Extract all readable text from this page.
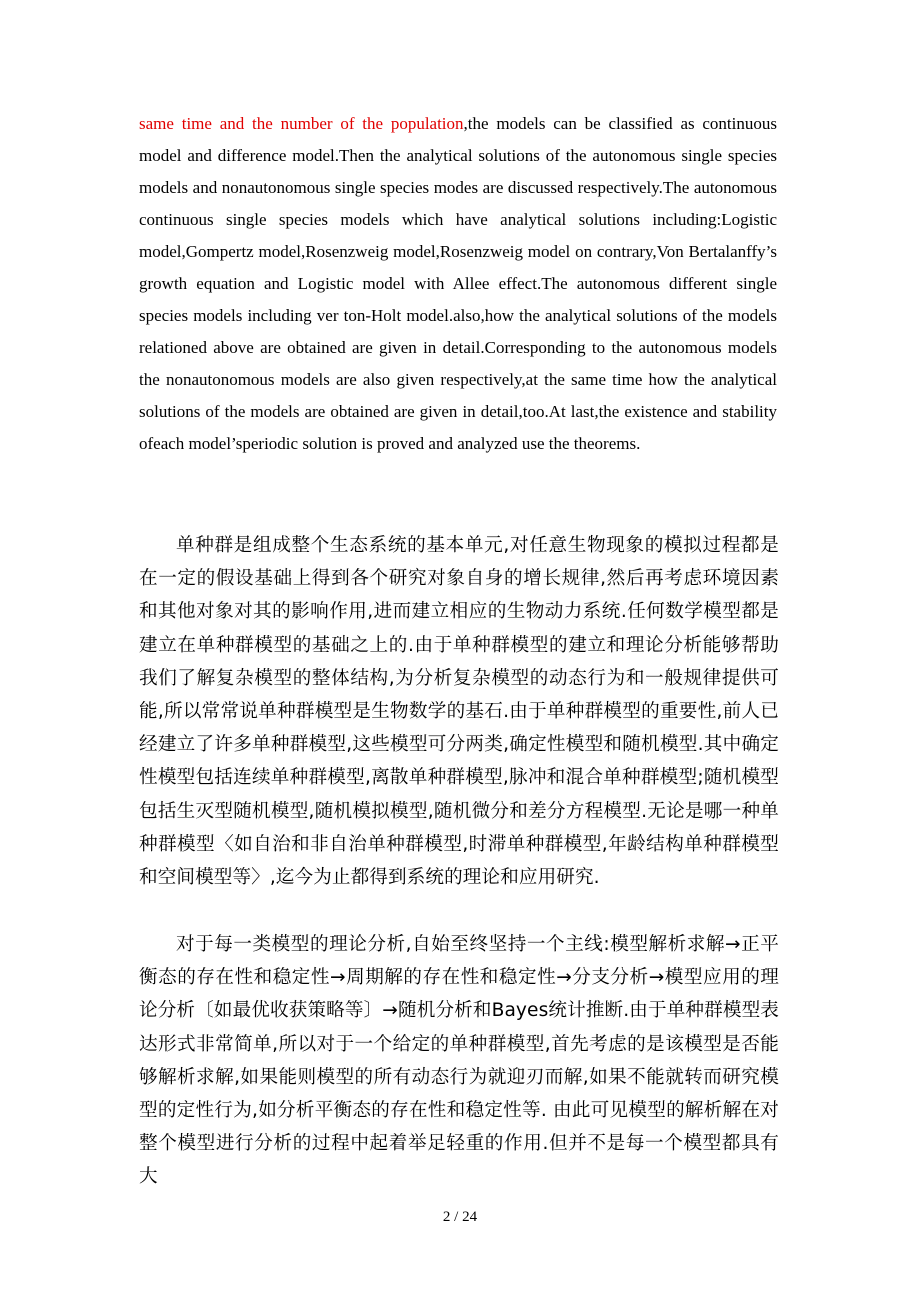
same time and the number of the population,the models can be classified as continuous model and difference model.Then the analytical solutions of the autonomous single species models and nonautonomous single species modes are discussed respectively.The autonomous continuous single species models which have analytical solutions including:Logistic model,Gompertz model,Rosenzweig model,Rosenzweig model on contrary,Von Bertalanffy’s growth equation and Logistic model with Allee effect.The autonomous different single species models including ver ton-Holt model.also,how the analytical solutions of the models relationed above are obtained are given in detail.Corresponding to the autonomous models the nonautonomous models are also given respectively,at the same time how the analytical solutions of the models are obtained are given in detail,too.At last,the existence and stability ofeach model’speriodic solution is proved and analyzed use the theorems.

单种群是组成整个生态系统的基本单元,对任意生物现象的模拟过程都是在一定的假设基础上得到各个研究对象自身的增长规律,然后再考虑环境因素和其他对象对其的影响作用,进而建立相应的生物动力系统.任何数学模型都是建立在单种群模型的基础之上的.由于单种群模型的建立和理论分析能够帮助我们了解复杂模型的整体结构,为分析复杂模型的动态行为和一般规律提供可能,所以常常说单种群模型是生物数学的基石.由于单种群模型的重要性,前人已经建立了许多单种群模型,这些模型可分两类,确定性模型和随机模型.其中确定性模型包括连续单种群模型,离散单种群模型,脉冲和混合单种群模型;随机模型包括生灭型随机模型,随机模拟模型,随机微分和差分方程模型.无论是哪一种单种群模型〈如自治和非自治单种群模型,时滞单种群模型,年龄结构单种群模型和空间模型等〉,迄今为止都得到系统的理论和应用研究.

对于每一类模型的理论分析,自始至终坚持一个主线:模型解析求解→正平衡态的存在性和稳定性→周期解的存在性和稳定性→分支分析→模型应用的理论分析〔如最优收获策略等〕→随机分析和Bayes统计推断.由于单种群模型表达形式非常简单,所以对于一个给定的单种群模型,首先考虑的是该模型是否能够解析求解,如果能则模型的所有动态行为就迎刃而解,如果不能就转而研究模型的定性行为,如分析平衡态的存在性和稳定性等. 由此可见模型的解析解在对整个模型进行分析的过程中起着举足轻重的作用.但并不是每一个模型都具有大

2 / 24
